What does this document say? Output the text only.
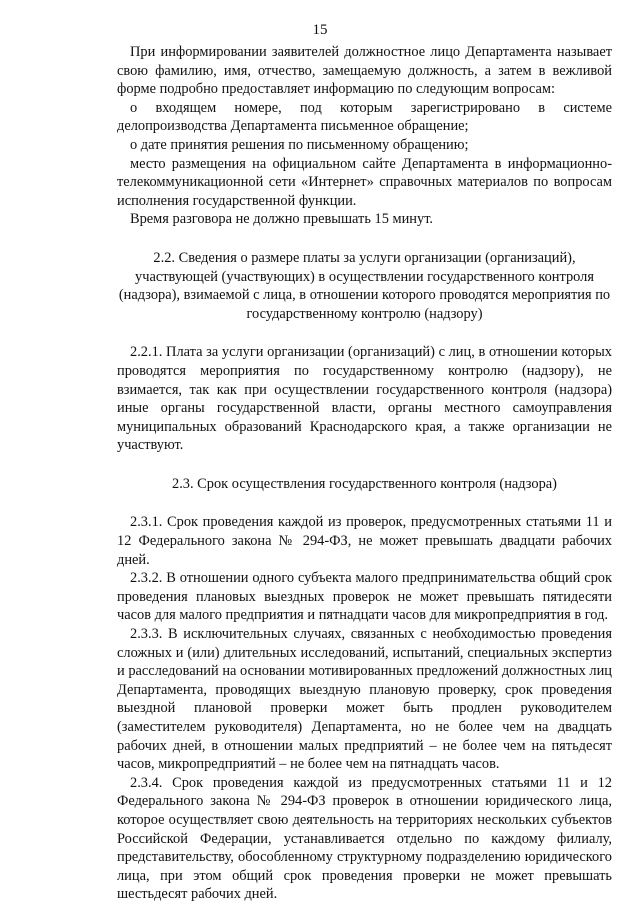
15

При информировании заявителей должностное лицо Департамента называет свою фамилию, имя, отчество, замещаемую должность, а затем в вежливой форме подробно предоставляет информацию по следующим вопросам:

о входящем номере, под которым зарегистрировано в системе делопроизводства Департамента письменное обращение;

о дате принятия решения по письменному обращению;

место размещения на официальном сайте Департамента в информационно-телекоммуникационной сети «Интернет» справочных материалов по вопросам исполнения государственной функции.

Время разговора не должно превышать 15 минут.

2.2. Сведения о размере платы за услуги организации (организаций), участвующей (участвующих) в осуществлении государственного контроля (надзора), взимаемой с лица, в отношении которого проводятся мероприятия по государственному контролю (надзору)

2.2.1. Плата за услуги организации (организаций) с лиц, в отношении которых проводятся мероприятия по государственному контролю (надзору), не взимается, так как при осуществлении государственного контроля (надзора) иные органы государственной власти, органы местного самоуправления муниципальных образований Краснодарского края, а также организации не участвуют.

2.3. Срок осуществления государственного контроля (надзора)

2.3.1. Срок проведения каждой из проверок, предусмотренных статьями 11 и 12 Федерального закона № 294-ФЗ, не может превышать двадцати рабочих дней.

2.3.2. В отношении одного субъекта малого предпринимательства общий срок проведения плановых выездных проверок не может превышать пятидесяти часов для малого предприятия и пятнадцати часов для микропредприятия в год.

2.3.3. В исключительных случаях, связанных с необходимостью проведения сложных и (или) длительных исследований, испытаний, специальных экспертиз и расследований на основании мотивированных предложений должностных лиц Департамента, проводящих выездную плановую проверку, срок проведения выездной плановой проверки может быть продлен руководителем (заместителем руководителя) Департамента, но не более чем на двадцать рабочих дней, в отношении малых предприятий – не более чем на пятьдесят часов, микропредприятий – не более чем на пятнадцать часов.

2.3.4. Срок проведения каждой из предусмотренных статьями 11 и 12 Федерального закона № 294-ФЗ проверок в отношении юридического лица, которое осуществляет свою деятельность на территориях нескольких субъектов Российской Федерации, устанавливается отдельно по каждому филиалу, представительству, обособленному структурному подразделению юридического лица, при этом общий срок проведения проверки не может превышать шестьдесят рабочих дней.
